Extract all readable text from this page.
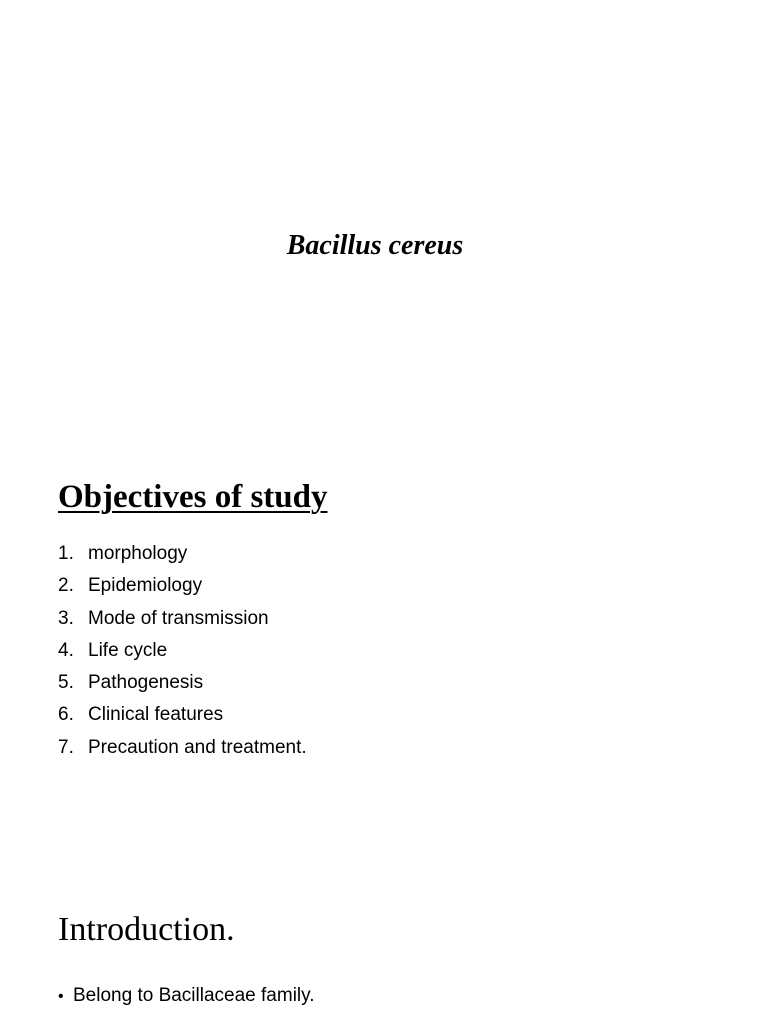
Bacillus cereus
Objectives of study
1. morphology
2. Epidemiology
3. Mode of transmission
4. Life cycle
5. Pathogenesis
6. Clinical features
7. Precaution and treatment.
Introduction.
• Belong to Bacillaceae family.
